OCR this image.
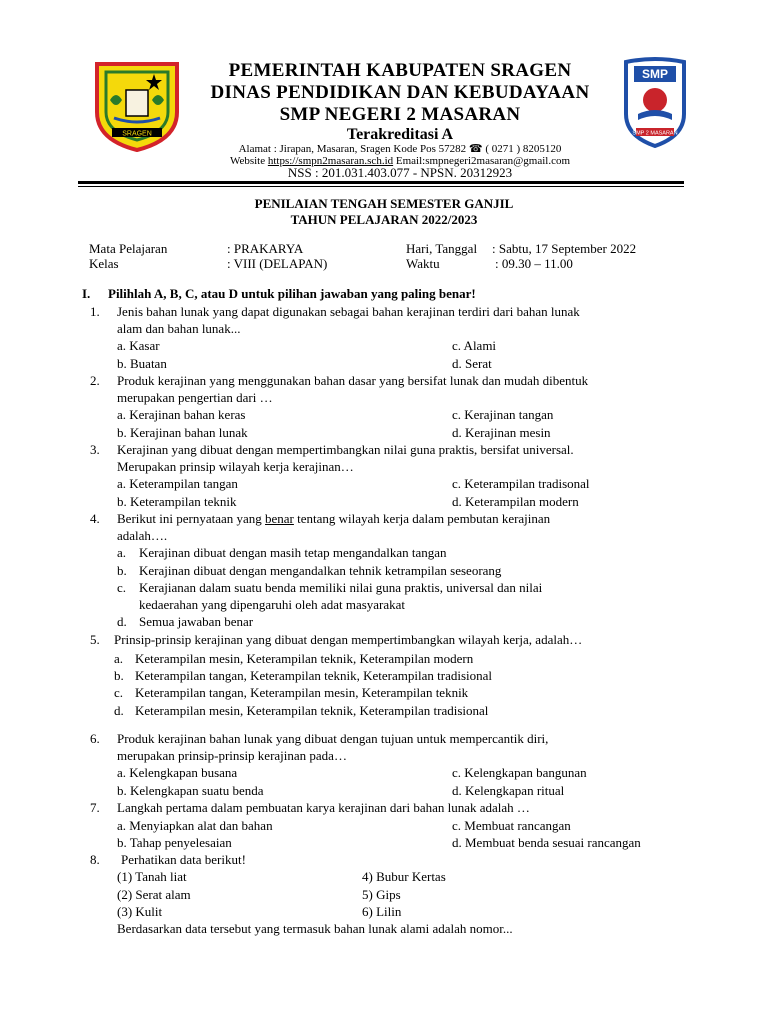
SRAGEN
SMP
SMP 2 MASARAN
PEMERINTAH KABUPATEN SRAGEN
DINAS PENDIDIKAN DAN KEBUDAYAAN
SMP NEGERI 2 MASARAN
Terakreditasi A
Alamat : Jirapan, Masaran, Sragen Kode Pos 57282 ☎ ( 0271 ) 8205120
Website https://smpn2masaran.sch.id Email:smpnegeri2masaran@gmail.com
NSS : 201.031.403.077 - NPSN. 20312923
PENILAIAN TENGAH SEMESTER GANJIL
TAHUN PELAJARAN 2022/2023
Mata Pelajaran	: PRAKARYA	Hari, Tanggal : Sabtu, 17 September 2022
Kelas	: VIII (DELAPAN)	Waktu	: 09.30 – 11.00
I. Pilihlah A, B, C, atau D untuk pilihan jawaban yang paling benar!
1. Jenis bahan lunak yang dapat digunakan sebagai bahan kerajinan terdiri dari bahan lunak
alam dan bahan lunak...
a. Kasar	c. Alami
b. Buatan	d. Serat
2. Produk kerajinan yang menggunakan bahan dasar yang bersifat lunak dan mudah dibentuk
merupakan pengertian dari …
a. Kerajinan bahan keras	c. Kerajinan tangan
b. Kerajinan bahan lunak	d. Kerajinan mesin
3. Kerajinan yang dibuat dengan mempertimbangkan nilai guna praktis, bersifat universal.
Merupakan prinsip wilayah kerja kerajinan…
a. Keterampilan tangan	c. Keterampilan tradisonal
b. Keterampilan teknik	d. Keterampilan modern
4. Berikut ini pernyataan yang benar tentang wilayah kerja dalam pembutan kerajinan
adalah….
a. Kerajinan dibuat dengan masih tetap mengandalkan tangan
b. Kerajinan dibuat dengan mengandalkan tehnik ketrampilan seseorang
c. Kerajianan dalam suatu benda memiliki nilai guna praktis, universal dan nilai
kedaerahan yang dipengaruhi oleh adat masyarakat
d. Semua jawaban benar
5. Prinsip-prinsip kerajinan yang dibuat dengan mempertimbangkan wilayah kerja, adalah…
a. Keterampilan mesin, Keterampilan teknik, Keterampilan modern
b. Keterampilan tangan, Keterampilan teknik, Keterampilan tradisional
c. Keterampilan tangan, Keterampilan mesin, Keterampilan teknik
d. Keterampilan mesin, Keterampilan teknik, Keterampilan tradisional
6. Produk kerajinan bahan lunak yang dibuat dengan tujuan untuk mempercantik diri,
merupakan prinsip-prinsip kerajinan pada…
a. Kelengkapan busana	c. Kelengkapan bangunan
b. Kelengkapan suatu benda	d. Kelengkapan ritual
7. Langkah pertama dalam pembuatan karya kerajinan dari bahan lunak adalah …
a. Menyiapkan alat dan bahan	c. Membuat rancangan
b. Tahap penyelesaian	d. Membuat benda sesuai rancangan
8. Perhatikan data berikut!
(1) Tanah liat	4) Bubur Kertas
(2) Serat alam	5) Gips
(3) Kulit	6) Lilin
Berdasarkan data tersebut yang termasuk bahan lunak alami adalah nomor...
